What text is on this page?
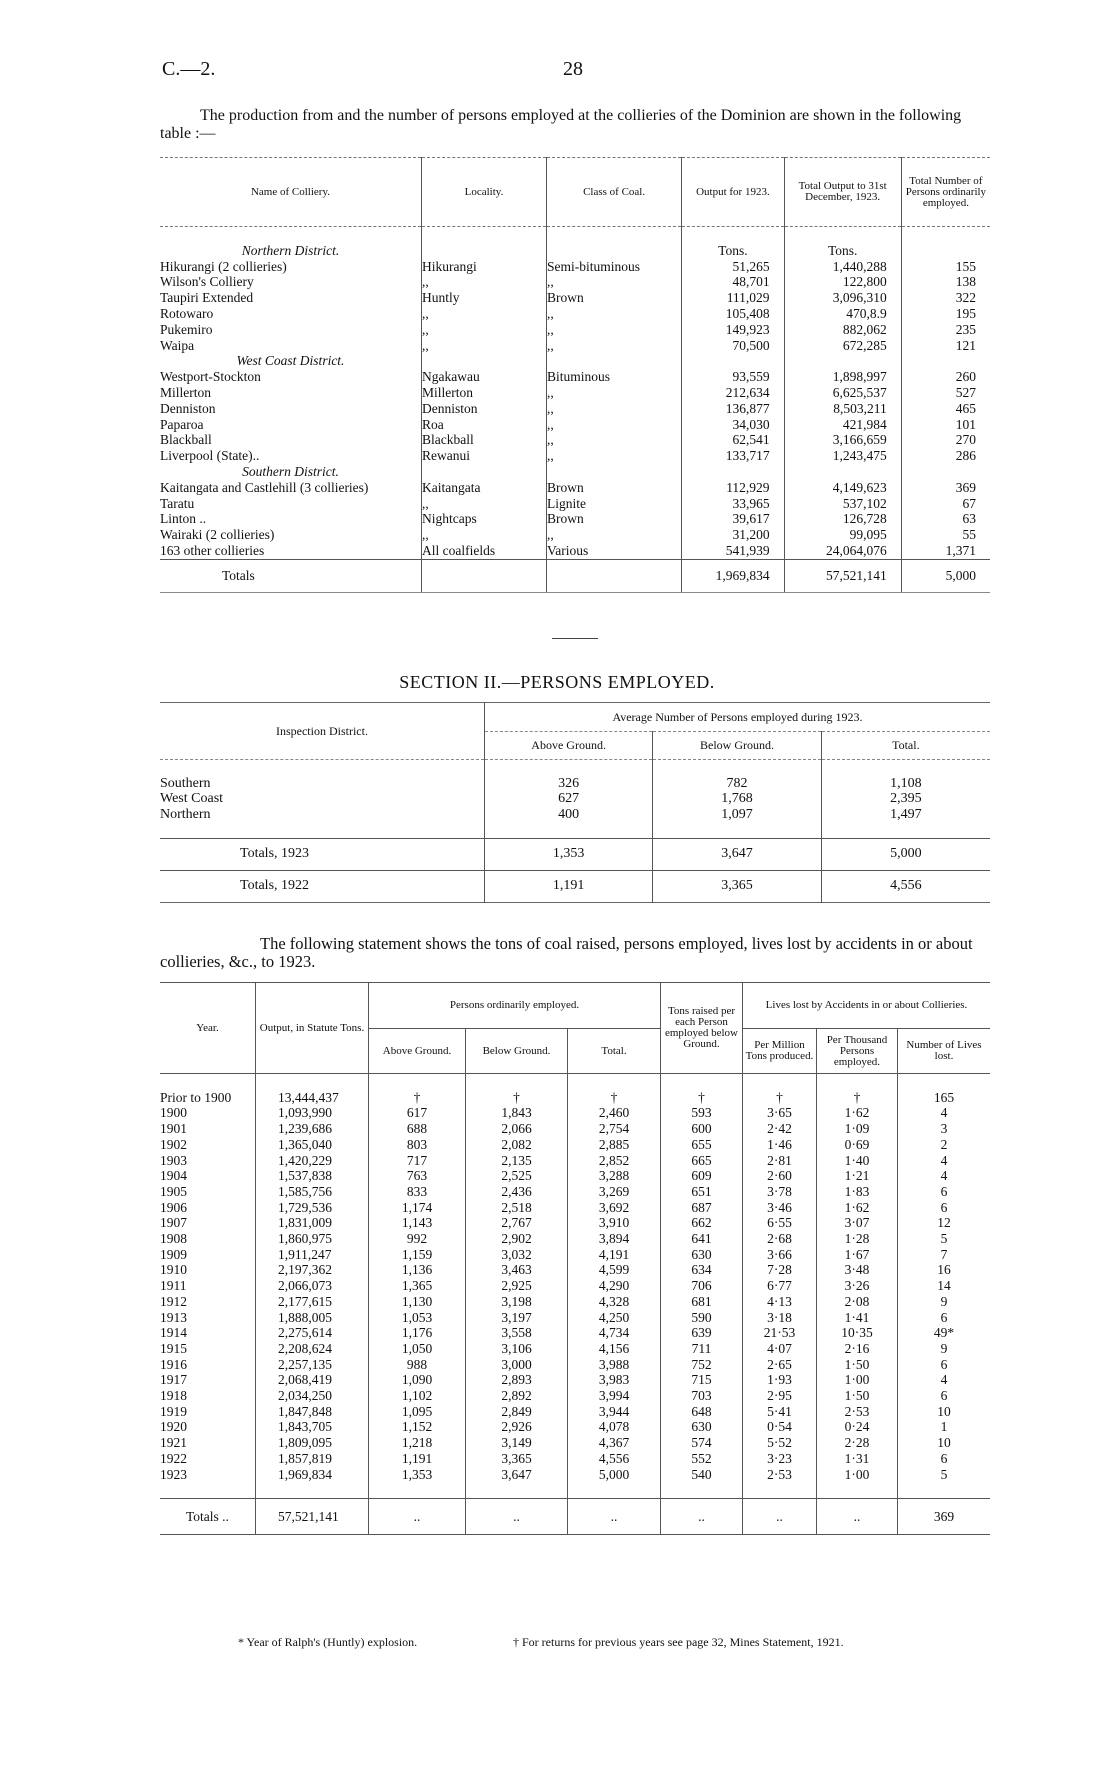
C.—2.	28
The production from and the number of persons employed at the collieries of the Dominion are shown in the following table :—
Name of Colliery.	Locality.	Class of Coal.	Output for 1923.	Total Output to 31st December, 1923.	Total Number of Persons ordinarily employed.

Northern District.			Tons.	Tons.	
Hikurangi (2 collieries)	Hikurangi	Semi-bituminous	51,265	1,440,288	155
Wilson's Colliery	,,	,,	48,701	122,800	138
Taupiri Extended	Huntly	Brown	111,029	3,096,310	322
Rotowaro	,,	,,	105,408	470,8.9	195
Pukemiro	,,	,,	149,923	882,062	235
Waipa	,,	,,	70,500	672,285	121
West Coast District.					
Westport-Stockton	Ngakawau	Bituminous	93,559	1,898,997	260
Millerton	Millerton	,,	212,634	6,625,537	527
Denniston	Denniston	,,	136,877	8,503,211	465
Paparoa	Roa	,,	34,030	421,984	101
Blackball	Blackball	,,	62,541	3,166,659	270
Liverpool (State)..	Rewanui	,,	133,717	1,243,475	286
Southern District.					
Kaitangata and Castlehill (3 collieries)	Kaitangata	Brown	112,929	4,149,623	369
Taratu	,,	Lignite	33,965	537,102	67
Linton ..	Nightcaps	Brown	39,617	126,728	63
Wairaki (2 collieries)	,,	,,	31,200	99,095	55
163 other collieries	All coalfields	Various	541,939	24,064,076	1,371
Totals			1,969,834	57,521,141	5,000
SECTION II.—PERSONS EMPLOYED.
Inspection District.	Average Number of Persons employed during 1923.		
	Above Ground.	Below Ground.	Total.

Southern	326	782	1,108
West Coast	627	1,768	2,395
Northern	400	1,097	1,497

Totals, 1923	1,353	3,647	5,000
Totals, 1922	1,191	3,365	4,556
The following statement shows the tons of coal raised, persons employed, lives lost by accidents in or about collieries, &c., to 1923.
Year.	Output, in Statute Tons.	Persons ordinarily employed.			Tons raised per each Person employed below Ground.	Lives lost by Accidents in or about Collieries.		
		Above Ground.	Below Ground.	Total.		Per Million Tons produced.	Per Thousand Persons employed.	Number of Lives lost.

Prior to 1900	13,444,437	†	†	†	†	†	†	165
1900	1,093,990	617	1,843	2,460	593	3·65	1·62	4
1901	1,239,686	688	2,066	2,754	600	2·42	1·09	3
1902	1,365,040	803	2,082	2,885	655	1·46	0·69	2
1903	1,420,229	717	2,135	2,852	665	2·81	1·40	4
1904	1,537,838	763	2,525	3,288	609	2·60	1·21	4
1905	1,585,756	833	2,436	3,269	651	3·78	1·83	6
1906	1,729,536	1,174	2,518	3,692	687	3·46	1·62	6
1907	1,831,009	1,143	2,767	3,910	662	6·55	3·07	12
1908	1,860,975	992	2,902	3,894	641	2·68	1·28	5
1909	1,911,247	1,159	3,032	4,191	630	3·66	1·67	7
1910	2,197,362	1,136	3,463	4,599	634	7·28	3·48	16
1911	2,066,073	1,365	2,925	4,290	706	6·77	3·26	14
1912	2,177,615	1,130	3,198	4,328	681	4·13	2·08	9
1913	1,888,005	1,053	3,197	4,250	590	3·18	1·41	6
1914	2,275,614	1,176	3,558	4,734	639	21·53	10·35	49*
1915	2,208,624	1,050	3,106	4,156	711	4·07	2·16	9
1916	2,257,135	988	3,000	3,988	752	2·65	1·50	6
1917	2,068,419	1,090	2,893	3,983	715	1·93	1·00	4
1918	2,034,250	1,102	2,892	3,994	703	2·95	1·50	6
1919	1,847,848	1,095	2,849	3,944	648	5·41	2·53	10
1920	1,843,705	1,152	2,926	4,078	630	0·54	0·24	1
1921	1,809,095	1,218	3,149	4,367	574	5·52	2·28	10
1922	1,857,819	1,191	3,365	4,556	552	3·23	1·31	6
1923	1,969,834	1,353	3,647	5,000	540	2·53	1·00	5

Totals ..	57,521,141	..	..	..	..	..	..	369
* Year of Ralph's (Huntly) explosion.	† For returns for previous years see page 32, Mines Statement, 1921.
